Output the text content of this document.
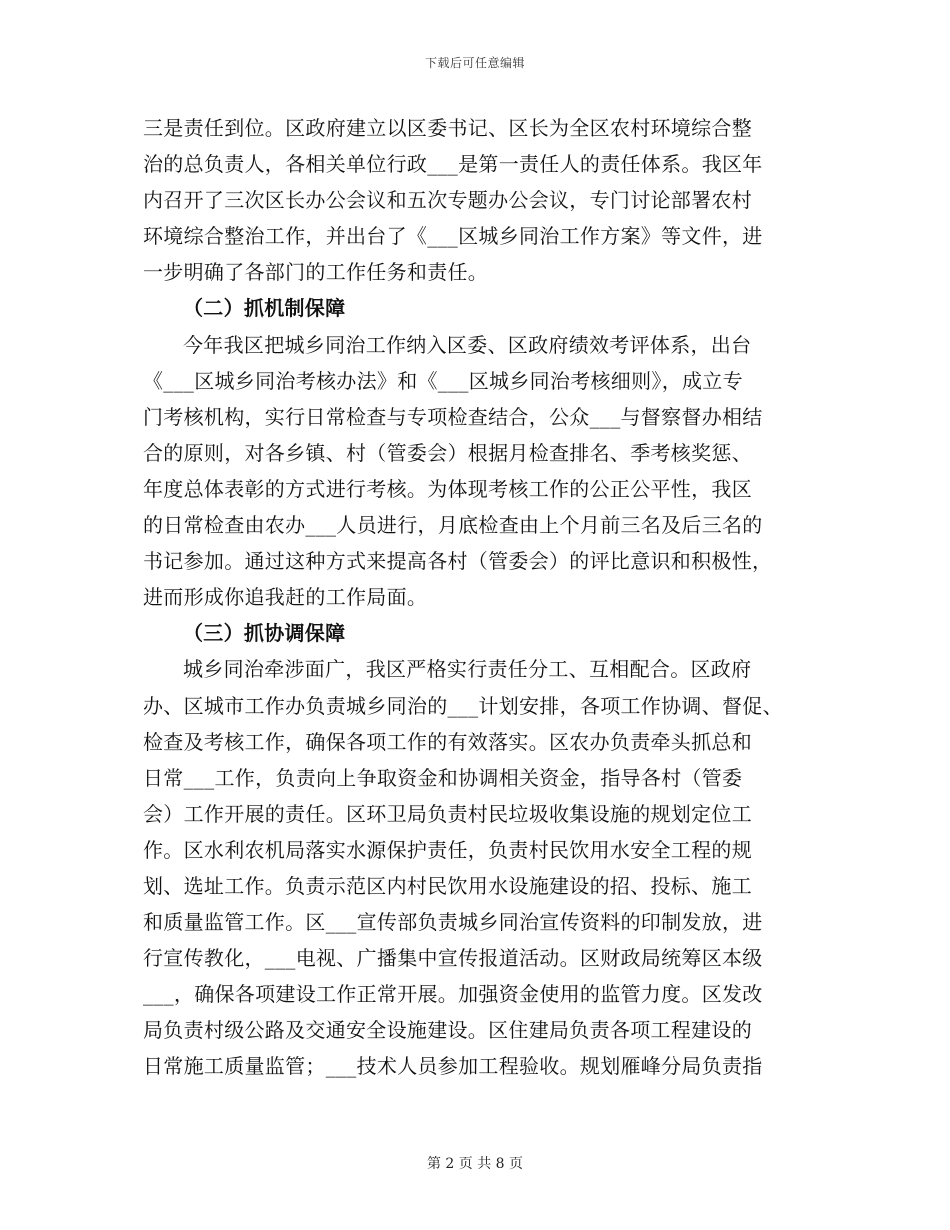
下载后可任意编辑
三是责任到位。区政府建立以区委书记、区长为全区农村环境综合整
治的总负责人，各相关单位行政___是第一责任人的责任体系。我区年
内召开了三次区长办公会议和五次专题办公会议，专门讨论部署农村
环境综合整治工作，并出台了《___区城乡同治工作方案》等文件，进
一步明确了各部门的工作任务和责任。
（二）抓机制保障
今年我区把城乡同治工作纳入区委、区政府绩效考评体系，出台
《___区城乡同治考核办法》和《___区城乡同治考核细则》，成立专
门考核机构，实行日常检查与专项检查结合，公众___与督察督办相结
合的原则，对各乡镇、村（管委会）根据月检查排名、季考核奖惩、
年度总体表彰的方式进行考核。为体现考核工作的公正公平性，我区
的日常检查由农办___人员进行，月底检查由上个月前三名及后三名的
书记参加。通过这种方式来提高各村（管委会）的评比意识和积极性，
进而形成你追我赶的工作局面。
（三）抓协调保障
城乡同治牵涉面广，我区严格实行责任分工、互相配合。区政府
办、区城市工作办负责城乡同治的___计划安排，各项工作协调、督促、
检查及考核工作，确保各项工作的有效落实。区农办负责牵头抓总和
日常___工作，负责向上争取资金和协调相关资金，指导各村（管委
会）工作开展的责任。区环卫局负责村民垃圾收集设施的规划定位工
作。区水利农机局落实水源保护责任，负责村民饮用水安全工程的规
划、选址工作。负责示范区内村民饮用水设施建设的招、投标、施工
和质量监管工作。区___宣传部负责城乡同治宣传资料的印制发放，进
行宣传教化，___电视、广播集中宣传报道活动。区财政局统筹区本级
___，确保各项建设工作正常开展。加强资金使用的监管力度。区发改
局负责村级公路及交通安全设施建设。区住建局负责各项工程建设的
日常施工质量监管；___技术人员参加工程验收。规划雁峰分局负责指
第 2 页 共 8 页
